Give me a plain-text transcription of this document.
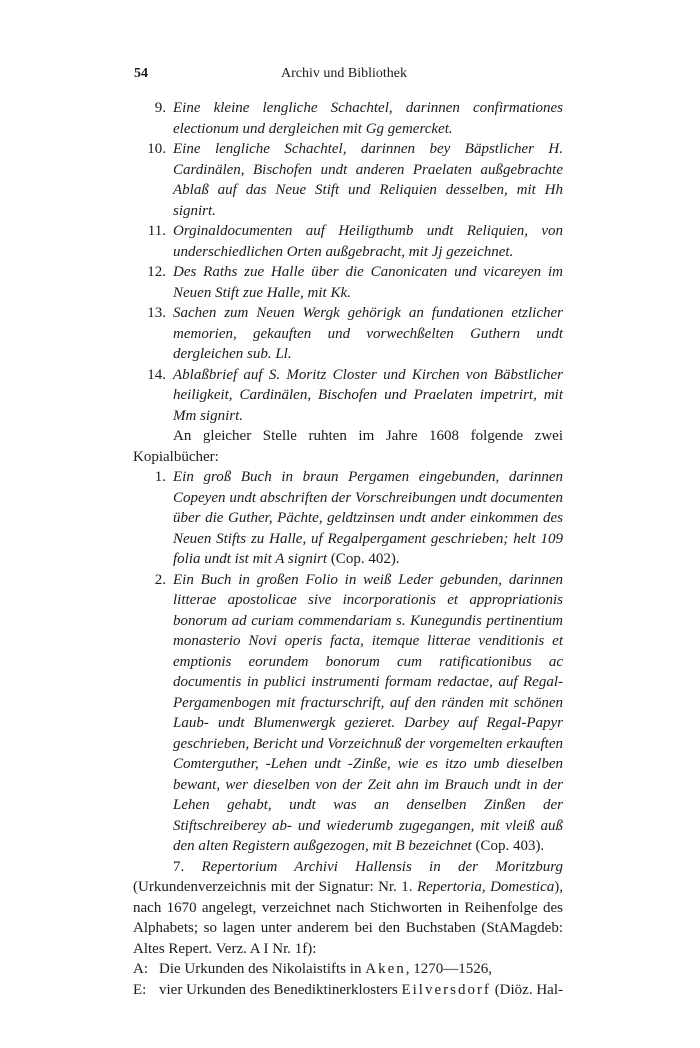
54	Archiv und Bibliothek
9. Eine kleine lengliche Schachtel, darinnen confirmationes electionum und dergleichen mit Gg gemercket.
10. Eine lengliche Schachtel, darinnen bey Bäpstlicher H. Cardinälen, Bischofen undt anderen Praelaten außgebrachte Ablaß auf das Neue Stift und Reliquien desselben, mit Hh signirt.
11. Orginaldocumenten auf Heiligthumb undt Reliquien, von underschiedlichen Orten außgebracht, mit Jj gezeichnet.
12. Des Raths zue Halle über die Canonicaten und vicareyen im Neuen Stift zue Halle, mit Kk.
13. Sachen zum Neuen Wergk gehörigk an fundationen etzlicher memorien, gekauften und vorwechßelten Guthern undt dergleichen sub. Ll.
14. Ablaßbrief auf S. Moritz Closter und Kirchen von Bäbstlicher heiligkeit, Cardinälen, Bischofen und Praelaten impetrirt, mit Mm signirt.

An gleicher Stelle ruhten im Jahre 1608 folgende zwei Kopialbücher:

1. Ein groß Buch in braun Pergamen eingebunden, darinnen Copeyen undt abschriften der Vorschreibungen undt documenten über die Guther, Pächte, geldtzinsen undt ander einkommen des Neuen Stifts zu Halle, uf Regalpergament geschrieben; helt 109 folia undt ist mit A signirt (Cop. 402).
2. Ein Buch in großen Folio in weiß Leder gebunden, darinnen litterae apostolicae sive incorporationis et appropriationis bonorum ad curiam commendariam s. Kunegundis pertinentium monasterio Novi operis facta, itemque litterae venditionis et emptionis eorundem bonorum cum ratificationibus ac documentis in publici instrumenti formam redactae, auf Regal-Pergamenbogen mit fracturschrift, auf den ränden mit schönen Laub- undt Blumenwergk gezieret. Darbey auf Regal-Papyr geschrieben, Bericht und Vorzeichnuß der vorgemelten erkauften Comterguther, -Lehen undt -Zinße, wie es itzo umb dieselben bewant, wer dieselben von der Zeit ahn im Brauch undt in der Lehen gehabt, undt was an denselben Zinßen der Stiftschreiberey ab- und wiederumb zugegangen, mit vleiß auß den alten Registern außgezogen, mit B bezeichnet (Cop. 403).

7. Repertorium Archivi Hallensis in der Moritzburg (Urkundenverzeichnis mit der Signatur: Nr. 1. Repertoria, Domestica), nach 1670 angelegt, verzeichnet nach Stichworten in Reihenfolge des Alphabets; so lagen unter anderem bei den Buchstaben (StAMagdeb: Altes Repert. Verz. A I Nr. 1f):

A: Die Urkunden des Nikolaistifts in Aken, 1270—1526,
E: vier Urkunden des Benediktinerklosters Eilversdorf (Diöz. Hal-
